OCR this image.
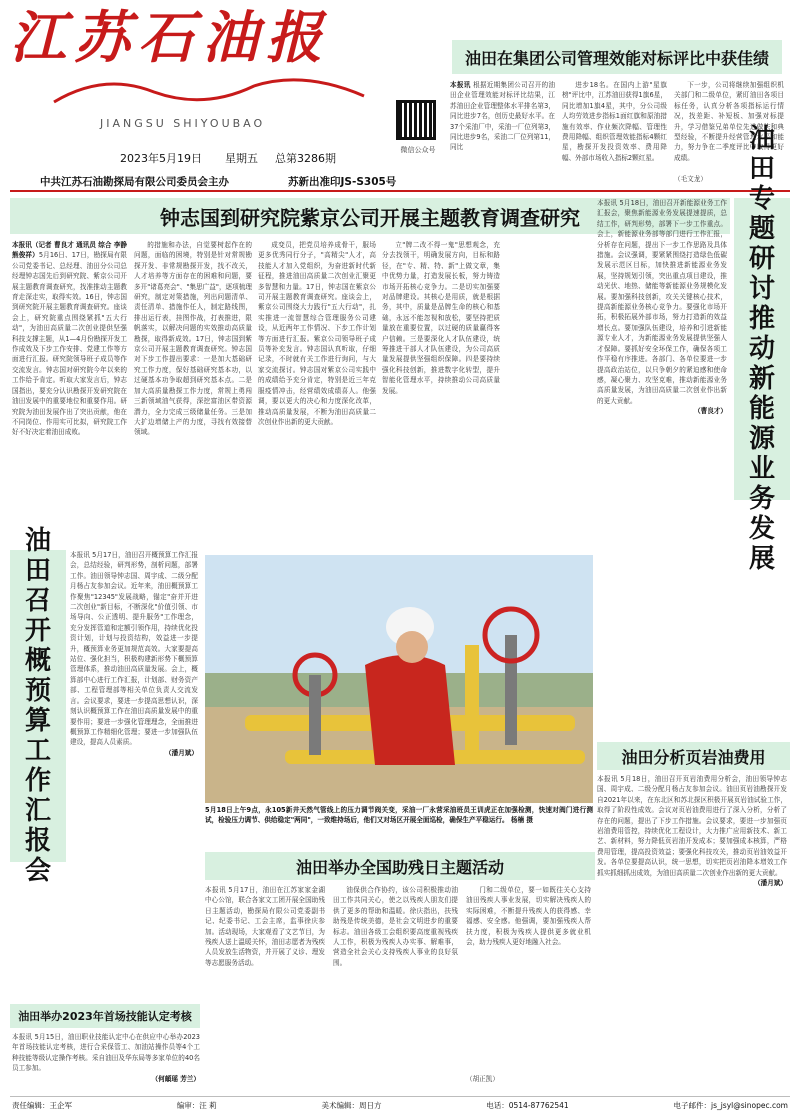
江苏石油报
JIANGSU SHIYOUBAO
2023年5月19日 星期五 总第3286期
微信公众号
中共江苏石油勘探局有限公司委员会主办	苏新出准印JS-S305号
油田在集团公司管理效能对标评比中获佳绩

本报讯 根据近期集团公司召开的油田企业管理效能对标评比结果，江苏油田企业管理整体水平排名第3，同比进步7名，创历史最好水平。在37个采油厂中，采油一厂位列第3，同比进步9名，采油二厂位列第11，同比

进步18名。在国内上游"星旗榜"评比中，江苏油田获得1旗6星，同比增加1旗4星，其中，分公司级人均劳效进步指标1面红旗和原油措施有效率、作业频次降幅、管理性费用降幅、组织管理效能指标4颗红星，勘探开发投资效率、费用降幅、外部市场收入指标2颗红星。

下一步，公司将继续加强组织机关部门和二级单位，紧盯油田各项目标任务，认真分析各项指标运行情况，找差距、补短板、加强对标提升，学习借鉴兄弟单位先进做法和典型经验，不断提升经营管理水平和能力，努力争在二季度评比中取得更好成绩。

（毛文龙）
钟志国到研究院紫京公司开展主题教育调查研究

本报讯（记者 曹良才 通讯员 综合 李静 熊俊祥）5月16日、17日，勘探局有限公司党委书记、总经理、油田分公司总经理钟志国先后到研究院、紫京公司开展主题教育调查研究，找准推动主题教育走深走实，取得实效。16日，钟志国到研究院开展主题教育调查研究。座谈会上，研究院重点围绕紧抓"五大行动"，为油田高质量二次创业提供坚强科技支撑主题，从1—4月份勘探开发工作成效及下步工作安排、党建工作等方面进行汇报。研究院领导班子成员等作交流发言。钟志国对研究院今年以来的工作给予肯定。听取大家发言后，钟志国指出，要充分认识勘探开发研究院在油田发展中的重要地位和重要作用。研究院为油田发展作出了突出贡献，他在不同岗位、作用实可比拟，研究院工作好不好决定着油田成败。

的措施和办法，自觉要树起作在的问题，面临的困境，特别是针对常规勘探开发、非常规勘探开发，找不改关，人才培养等方面存在的困难和问题，要多开"诸葛亮会"、"集思广益"，逐项梳理研究，制定对策措施，列出问题清单、责任清单、措施作任人，制定路线图，排出运行表，挂图作战，打表推进，限帆落实，以解决问题的实效推动高质量勘探，取得新成效。17日，钟志国到紫京公司开展主题教育调查研究。钟志国对下步工作提出要求：一是加大基础研究工作力度，保好基础研究基本功，以过硬基本功争取超到研究基本点。二是加大高质量勘探工作力度，常规上勇闯三新领域油气获得，深挖富油区带资源潜力，全力完成三级储量任务。三是加大扩边增储上产的力度，寻找有效接替领域。

成变员，把党员培养成骨干，服场更多优秀同行分子，"高精尖"人才，高技能人才加入党组织，为奋进新时代新征程，推进油田高质量二次创业汇聚更多智慧和力量。17日，钟志国在紫京公司开展主题教育调查研究。座谈会上，紫京公司围绕大力践行"五大行动"，扎实推进一流智慧综合管理服务公司建设，从近两年工作情况、下步工作计划等方面进行汇报。紫京公司领导班子成员等补充发言。钟志国认真听取，仔细记录，不时就有关工作进行询问，与大家交流探讨。钟志国对紫京公司实践中的成绩给予充分肯定，特别是近三年克服疫情冲击，经营绩效成绩喜人。他强调，要以更大的决心和力度深化改革，推动高质量发展，不断为油田高质量二次创业作出新的更大贡献。

立"牌二改不得一鬼"思想观念，充分去找领干，明确发展方向，目标和路径，在"专、精、特、新"上做文章，集中优势力量，打造发展长板，努力铸造市场开拓核心竞争力。二是切实加强要对品牌建设。其核心是用质，就是根据务，其中，质量是品牌生命的核心和基础，永远不能忽视和放松，要坚持把质量放在重要位置，以过硬的质量赢得客户信赖。三是要深化人才队伍建设，统筹推进干部人才队伍建设，为公司高质量发展提供坚强组织保障。四是要持续强化科技创新，推进数字化转型，提升智能化管理水平，持续推动公司高质量发展。

油田专题研讨推动新能源业务发展

本报讯 5月18日，油田召开新能源业务工作汇报会，聚焦新能源业务发展提速提质，总结工作，研判形势，部署下一步工作重点。会上，新能源业务部等部门进行工作汇报，分析存在问题，提出下一步工作思路及具体措施。会议强调，要紧紧围绕打造绿色低碳发展示范区目标，加快推进新能源业务发展，坚持规划引领，突出重点项目建设，推动光伏、地热、储能等新能源业务规模化发展。要加强科技创新，攻关关键核心技术，提高新能源业务核心竞争力。要强化市场开拓，积极拓展外部市场，努力打造新的效益增长点。要加强队伍建设，培养和引进新能源专业人才，为新能源业务发展提供坚强人才保障。要抓好安全环保工作，确保各项工作平稳有序推进。各部门、各单位要进一步提高政治站位，以只争朝夕的紧迫感和使命感，凝心聚力、攻坚克难，推动新能源业务高质量发展，为油田高质量二次创业作出新的更大贡献。

（曹良才）

油田召开概预算工作汇报会

本报讯 5月17日，油田召开概预算工作汇报会，总结经验，研判形势，剖析问题，部署工作。油田领导钟志国、周宇成、二级分配月杨占友参加会议。近年来，油田概预算工作聚焦"12345"发展战略，锚定"奋并开进二次创业"新目标，不断深化"价值引领、市场导向、公正透明、提升服务"工作理念，充分发挥管道和定额引领作用，持续优化投资计划，计划与投资结构，效益进一步提升，概预算业务更加规范高效。大家要提高站位、强化担当，积极构建新形势下概预算管理体系，推动油田高质量发展。会上，概算部中心进行工作汇报，计划部、财务资产部、工程管理部等相关单位负责人交流发言。会议要求，要进一步提高思想认识，深刻认识概预算工作在油田高质量发展中的重要作用；要进一步强化管理理念，全面推进概预算工作精细化管理；要进一步加强队伍建设，提高人员素质。

（潘月斌）

5月18日上午9点，永105新井天然气管线上的压力调节阀关变，采油一厂永营采油班员王训虎正在加强检测，快速对阀门进行测试，检验压力调节、供给稳定"两同"，一致维持场后，他们又对场区开展全面巡检，确保生产平稳运行。 杨楠 摄

油田举办全国助残日主题活动

本报讯 5月17日，油田在江苏家家金湖中心公馆，联合各家文工团开展全国助残日主题活动，勘探局有限公司党委副书记、纪委书记、工会主席，监事徐庆参加。活动现场，大家观看了文艺节目，为残疾人送上温暖关怀，油田志愿者为残疾人员发放生活物资，并开展了义诊、理发等志愿服务活动。

油保供合作协约，该公司积极推动油田工作共同关心，使之以残疾人朋友们提供了更多的帮助和温暖。徐庆指出，扶残助残是传统美德，是社会文明进步的重要标志。油田各级工会组织要高度重视残疾人工作，积极为残疾人办实事、解难事，营造全社会关心支持残疾人事业的良好氛围。

门和二级单位，要一如既往关心支持油田残疾人事业发展，切实解决残疾人的实际困难，不断提升残疾人的获得感、幸福感、安全感。他强调，要加强残疾人帮扶力度，积极为残疾人提供更多就业机会，助力残疾人更好地融入社会。

（胡正凯）
油田举办2023年首场技能认定考核

本报讯 5月15日，油田职业技能认定中心在供应中心举办2023年首场技能认定考核，进行合采保管工、加油站操作员等4个工种技能等级认定操作考核。采自油田及华东局等多家单位的40名员工参加。

（何頔瑶 芳兰）

油田分析页岩油费用

本报讯 5月18日，油田召开页岩油费用分析会，油田领导钟志国、周宇成、二级分配月杨占友参加会议。油田页岩油勘探开发自2021年以来，在东北区和苏北探区积极开展页岩油试验工作，取得了阶段性成效。会议对页岩油费用进行了深入分析，分析了存在的问题，提出了下步工作措施。会议要求，要进一步加强页岩油费用管控，持续优化工程设计，大力推广应用新技术、新工艺、新材料，努力降低页岩油开发成本；要加强成本核算，严格费用管理，提高投资效益；要强化科技攻关，推动页岩油效益开发。各单位要提高认识，统一思想，切实把页岩油降本增效工作抓实抓细抓出成效，为油田高质量二次创业作出新的更大贡献。

（潘月斌）

责任编辑：王企军	编审：汪 莉	美术编辑：周日方	电话：0514-87762541	电子邮件：js_jsyl@sinopec.com
